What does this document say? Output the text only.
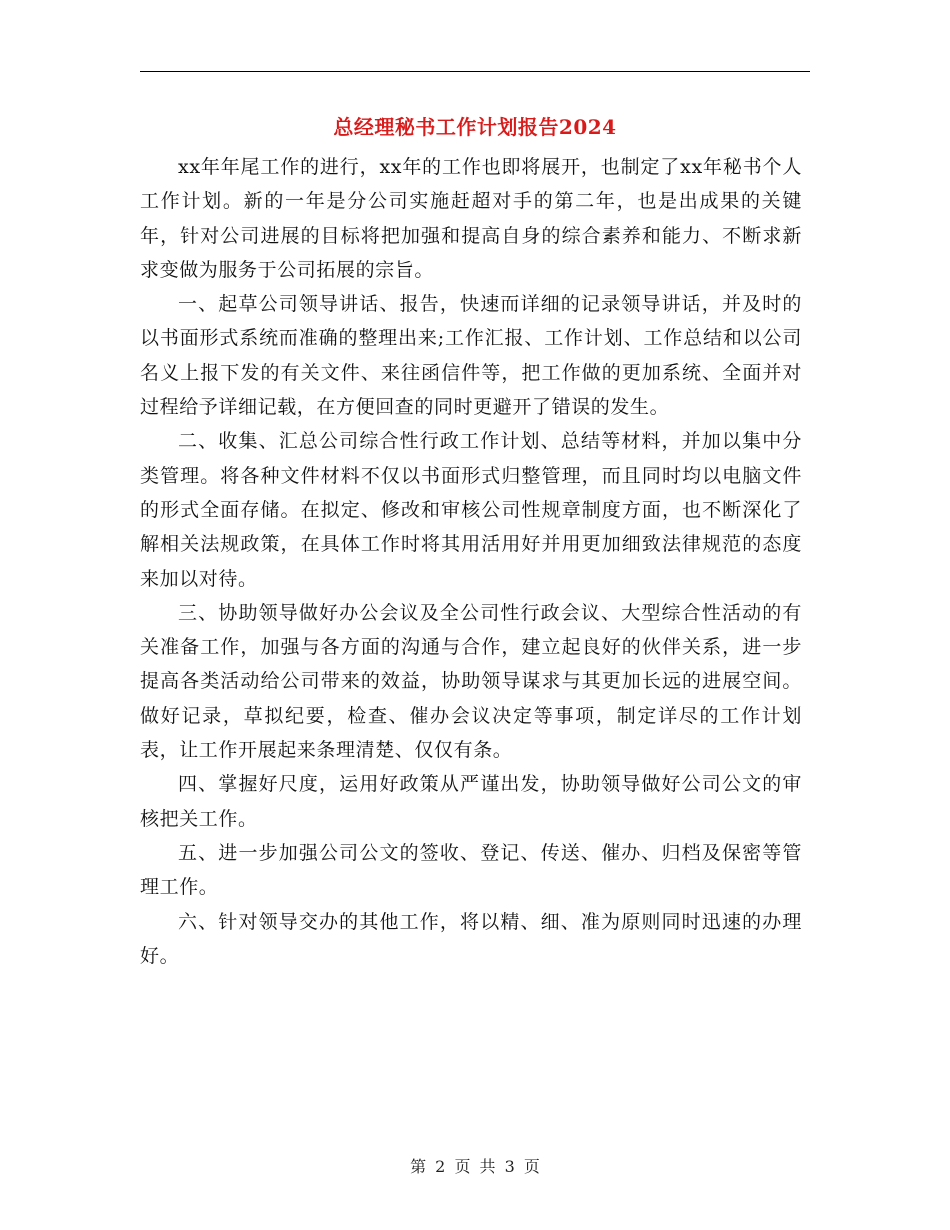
总经理秘书工作计划报告2024

xx年年尾工作的进行，xx年的工作也即将展开，也制定了xx年秘书个人工作计划。新的一年是分公司实施赶超对手的第二年，也是出成果的关键年，针对公司进展的目标将把加强和提高自身的综合素养和能力、不断求新求变做为服务于公司拓展的宗旨。

一、起草公司领导讲话、报告，快速而详细的记录领导讲话，并及时的以书面形式系统而准确的整理出来;工作汇报、工作计划、工作总结和以公司名义上报下发的有关文件、来往函信件等，把工作做的更加系统、全面并对过程给予详细记载，在方便回查的同时更避开了错误的发生。

二、收集、汇总公司综合性行政工作计划、总结等材料，并加以集中分类管理。将各种文件材料不仅以书面形式归整管理，而且同时均以电脑文件的形式全面存储。在拟定、修改和审核公司性规章制度方面，也不断深化了解相关法规政策，在具体工作时将其用活用好并用更加细致法律规范的态度来加以对待。

三、协助领导做好办公会议及全公司性行政会议、大型综合性活动的有关准备工作，加强与各方面的沟通与合作，建立起良好的伙伴关系，进一步提高各类活动给公司带来的效益，协助领导谋求与其更加长远的进展空间。做好记录，草拟纪要，检查、催办会议决定等事项，制定详尽的工作计划表，让工作开展起来条理清楚、仅仅有条。

四、掌握好尺度，运用好政策从严谨出发，协助领导做好公司公文的审核把关工作。

五、进一步加强公司公文的签收、登记、传送、催办、归档及保密等管理工作。

六、针对领导交办的其他工作，将以精、细、准为原则同时迅速的办理好。

第 2 页 共 3 页
